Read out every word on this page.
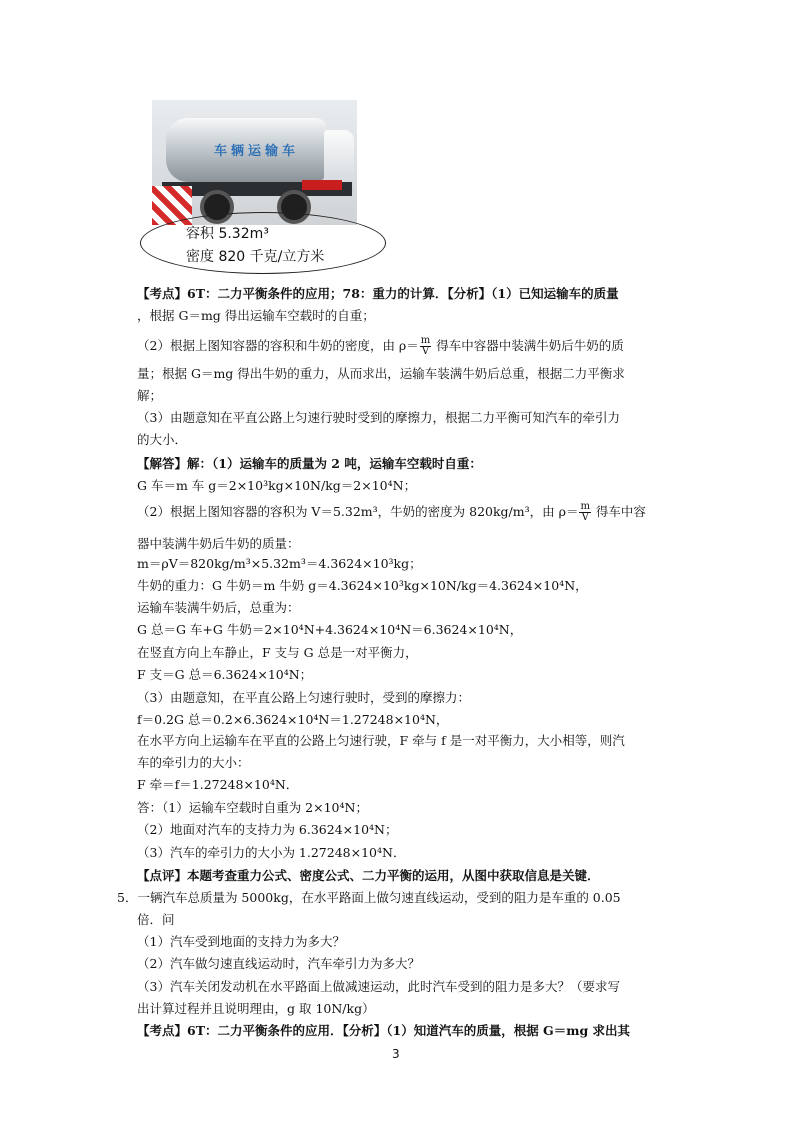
车辆运输车
容积 5.32m³
密度 820 千克/立方米
【考点】6T：二力平衡条件的应用；78：重力的计算．【分析】（1）已知运输车的质量
，根据 G＝mg 得出运输车空载时的自重；
（2）根据上图知容器的容积和牛奶的密度，由 $\rho= \frac{m}{V}$ 得车中容器中装满牛奶后牛奶的质
量；根据 G＝mg 得出牛奶的重力，从而求出，运输车装满牛奶后总重，根据二力平衡求
解；
（3）由题意知在平直公路上匀速行驶时受到的摩擦力，根据二力平衡可知汽车的牵引力
的大小．
【解答】解：（1）运输车的质量为 2 吨，运输车空载时自重：
G 车＝m 车 g＝2×10³kg×10N/kg＝2×10⁴N；
（2）根据上图知容器的容积为 V＝5.32m³，牛奶的密度为 820kg/m³，由 $\rho= \frac{m}{V}$ 得车中容
器中装满牛奶后牛奶的质量：
m＝ρV＝820kg/m³×5.32m³＝4.3624×10³kg；
牛奶的重力：G 牛奶＝m 牛奶 g＝4.3624×10³kg×10N/kg＝4.3624×10⁴N，
运输车装满牛奶后，总重为：
G 总＝G 车+G 牛奶＝2×10⁴N+4.3624×10⁴N＝6.3624×10⁴N，
在竖直方向上车静止，F 支与 G 总是一对平衡力，
F 支＝G 总＝6.3624×10⁴N；
（3）由题意知，在平直公路上匀速行驶时，受到的摩擦力：
f＝0.2G 总＝0.2×6.3624×10⁴N＝1.27248×10⁴N，
在水平方向上运输车在平直的公路上匀速行驶，F 牵与 f 是一对平衡力，大小相等，则汽
车的牵引力的大小：
F 牵＝f＝1.27248×10⁴N．
答：（1）运输车空载时自重为 2×10⁴N；
（2）地面对汽车的支持力为 6.3624×10⁴N；
（3）汽车的牵引力的大小为 1.27248×10⁴N．
【点评】本题考查重力公式、密度公式、二力平衡的运用，从图中获取信息是关键．
5．一辆汽车总质量为 5000kg，在水平路面上做匀速直线运动，受到的阻力是车重的 0.05
倍．问
（1）汽车受到地面的支持力为多大？
（2）汽车做匀速直线运动时，汽车牵引力为多大？
（3）汽车关闭发动机在水平路面上做减速运动，此时汽车受到的阻力是多大？（要求写
出计算过程并且说明理由，g 取 10N/kg）
【考点】6T：二力平衡条件的应用．【分析】（1）知道汽车的质量，根据 G＝mg 求出其
3
